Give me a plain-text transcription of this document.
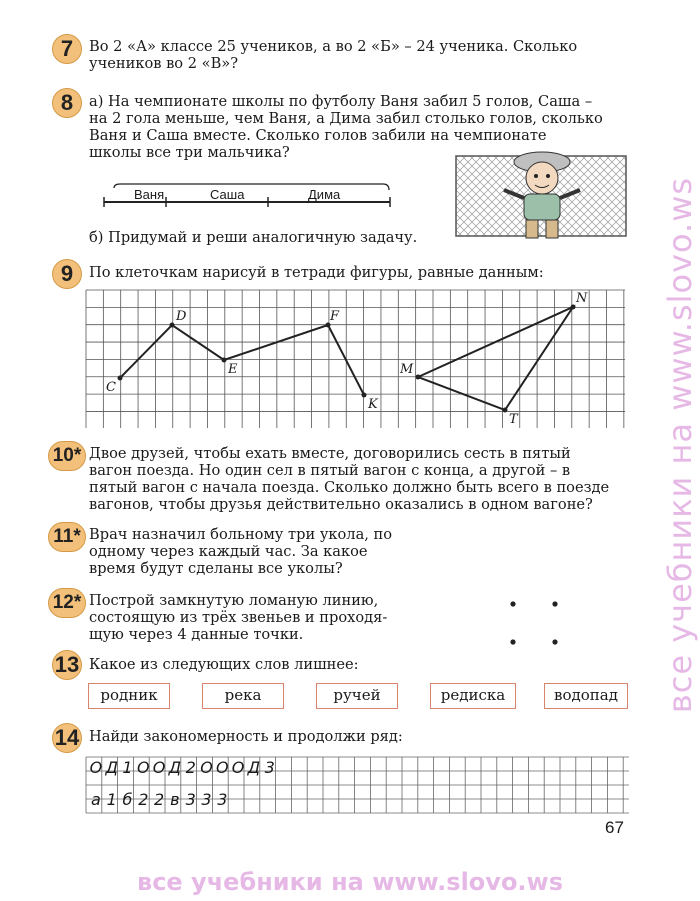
7	Во 2 «А» классе 25 учеников, а во 2 «Б» – 24 ученика. Сколько
учеников во 2 «В»?
8	а) На чемпионате школы по футболу Ваня забил 5 голов, Саша –
на 2 гола меньше, чем Ваня, а Дима забил столько голов, сколько
Ваня и Саша вместе. Сколько голов забили на чемпионате
школы все три мальчика?
Ваня	Саша	Дима
б) Придумай и реши аналогичную задачу.
9	По клеточкам нарисуй в тетради фигуры, равные данным:
C
D
E
F
K
M
N
T
10* Двое друзей, чтобы ехать вместе, договорились сесть в пятый
вагон поезда. Но один сел в пятый вагон с конца, а другой – в
пятый вагон с начала поезда. Сколько должно быть всего в поезде
вагонов, чтобы друзья действительно оказались в одном вагоне?
11* Врач назначил больному три укола, по
одному через каждый час. За какое
время будут сделаны все уколы?
12* Построй замкнутую ломаную линию,
состоящую из трёх звеньев и проходя-
щую через 4 данные точки.
13 Какое из следующих слов лишнее:
родник	река	ручей	редиска	водопад
14 Найди закономерность и продолжи ряд:
О Д 1 О О Д 2 О О О Д 3
а 1 б 2 2 в 3 3 3
67
все учебники на www.slovo.ws
все учебники на www.slovo.ws
